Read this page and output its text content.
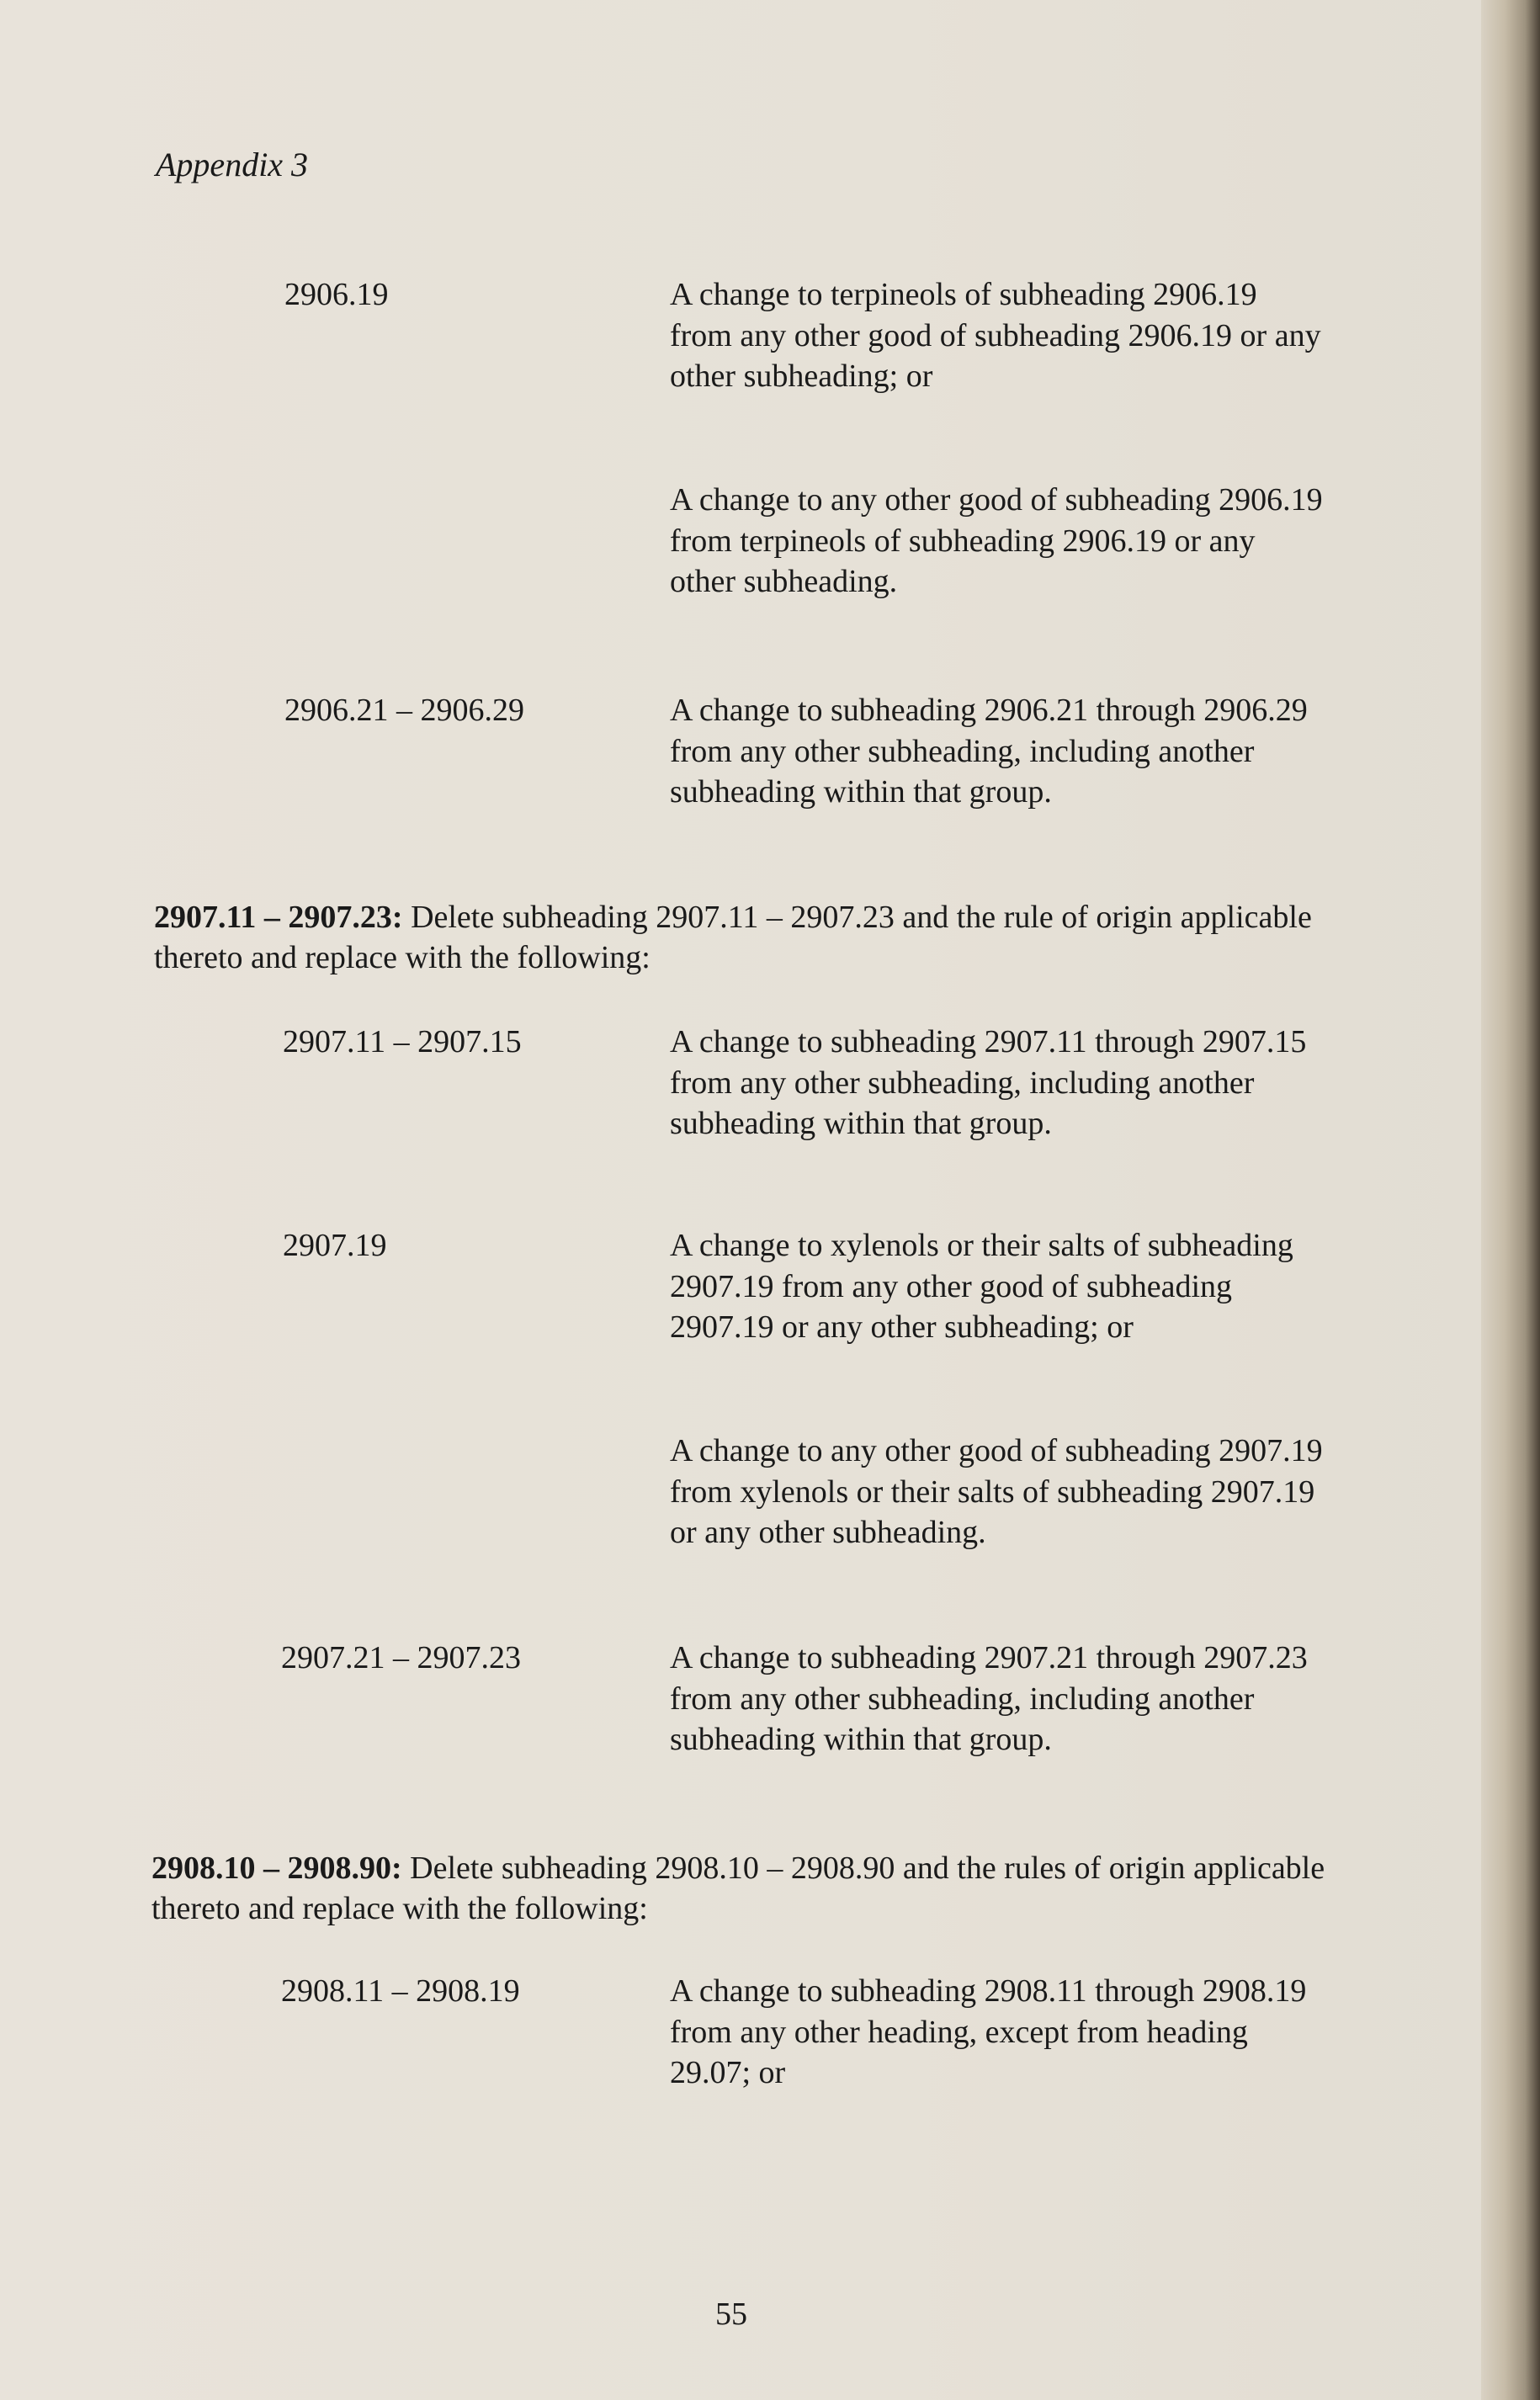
Appendix 3
2906.19	A change to terpineols of subheading 2906.19 from any other good of subheading 2906.19 or any other subheading; or

A change to any other good of subheading 2906.19 from terpineols of subheading 2906.19 or any other subheading.

2906.21 – 2906.29	A change to subheading 2906.21 through 2906.29 from any other subheading, including another subheading within that group.

2907.11 – 2907.23: Delete subheading 2907.11 – 2907.23 and the rule of origin applicable thereto and replace with the following:
2907.11 – 2907.15	A change to subheading 2907.11 through 2907.15 from any other subheading, including another subheading within that group.

2907.19	A change to xylenols or their salts of subheading 2907.19 from any other good of subheading 2907.19 or any other subheading; or

A change to any other good of subheading 2907.19 from xylenols or their salts of subheading 2907.19 or any other subheading.

2907.21 – 2907.23	A change to subheading 2907.21 through 2907.23 from any other subheading, including another subheading within that group.

2908.10 – 2908.90: Delete subheading 2908.10 – 2908.90 and the rules of origin applicable thereto and replace with the following:
2908.11 – 2908.19	A change to subheading 2908.11 through 2908.19 from any other heading, except from heading 29.07; or

55
